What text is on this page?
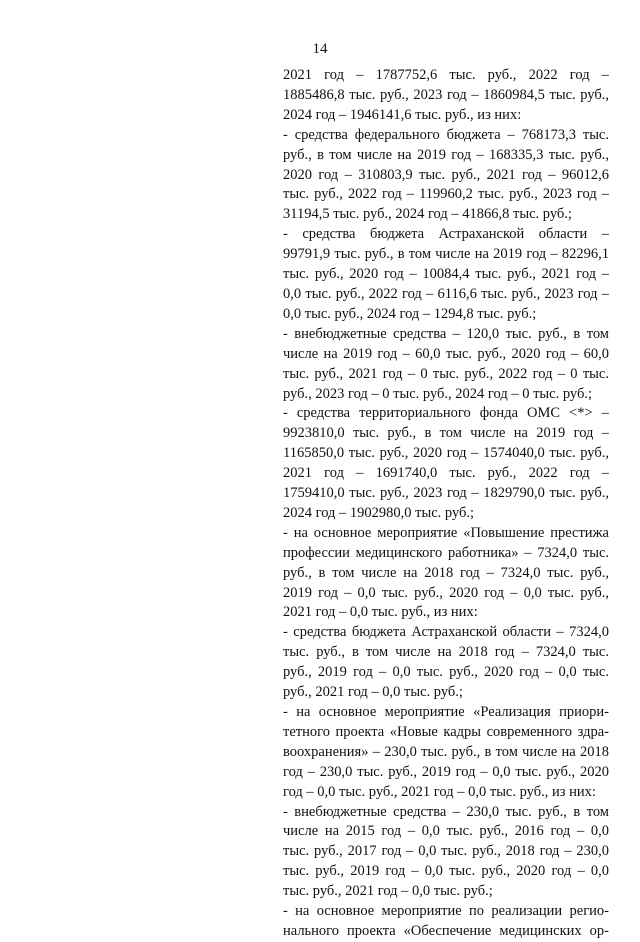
14
2021 год – 1787752,6 тыс. руб., 2022 год –
1885486,8 тыс. руб., 2023 год – 1860984,5 тыс. руб.,
2024 год – 1946141,6 тыс. руб., из них:
- средства федерального бюджета – 768173,3 тыс.
руб., в том числе на 2019 год – 168335,3 тыс. руб.,
2020 год – 310803,9 тыс. руб., 2021 год – 96012,6
тыс. руб., 2022 год – 119960,2 тыс. руб., 2023 год –
31194,5 тыс. руб., 2024 год – 41866,8 тыс. руб.;
- средства бюджета Астраханской области –
99791,9 тыс. руб., в том числе на 2019 год – 82296,1
тыс. руб., 2020 год – 10084,4 тыс. руб., 2021 год –
0,0 тыс. руб., 2022 год – 6116,6 тыс. руб., 2023 год –
0,0 тыс. руб., 2024 год – 1294,8 тыс. руб.;
- внебюджетные средства – 120,0 тыс. руб., в том
числе на 2019 год – 60,0 тыс. руб., 2020 год – 60,0
тыс. руб., 2021 год – 0 тыс. руб., 2022 год – 0 тыс.
руб., 2023 год – 0 тыс. руб., 2024 год – 0 тыс. руб.;
- средства территориального фонда ОМС <*> –
9923810,0 тыс. руб., в том числе на 2019 год –
1165850,0 тыс. руб., 2020 год – 1574040,0 тыс. руб.,
2021 год – 1691740,0 тыс. руб., 2022 год –
1759410,0 тыс. руб., 2023 год – 1829790,0 тыс. руб.,
2024 год – 1902980,0 тыс. руб.;
- на основное мероприятие «Повышение престижа
профессии медицинского работника» – 7324,0 тыс.
руб., в том числе на 2018 год – 7324,0 тыс. руб.,
2019 год – 0,0 тыс. руб., 2020 год – 0,0 тыс. руб.,
2021 год – 0,0 тыс. руб., из них:
- средства бюджета Астраханской области – 7324,0
тыс. руб., в том числе на 2018 год – 7324,0 тыс.
руб., 2019 год – 0,0 тыс. руб., 2020 год – 0,0 тыс.
руб., 2021 год – 0,0 тыс. руб.;
- на основное мероприятие «Реализация приори-
тетного проекта «Новые кадры современного здра-
воохранения» – 230,0 тыс. руб., в том числе на 2018
год – 230,0 тыс. руб., 2019 год – 0,0 тыс. руб., 2020
год – 0,0 тыс. руб., 2021 год – 0,0 тыс. руб., из них:
- внебюджетные средства – 230,0 тыс. руб., в том
числе на 2015 год – 0,0 тыс. руб., 2016 год – 0,0
тыс. руб., 2017 год – 0,0 тыс. руб., 2018 год – 230,0
тыс. руб., 2019 год – 0,0 тыс. руб., 2020 год – 0,0
тыс. руб., 2021 год – 0,0 тыс. руб.;
- на основное мероприятие по реализации регио-
нального проекта «Обеспечение медицинских ор-
